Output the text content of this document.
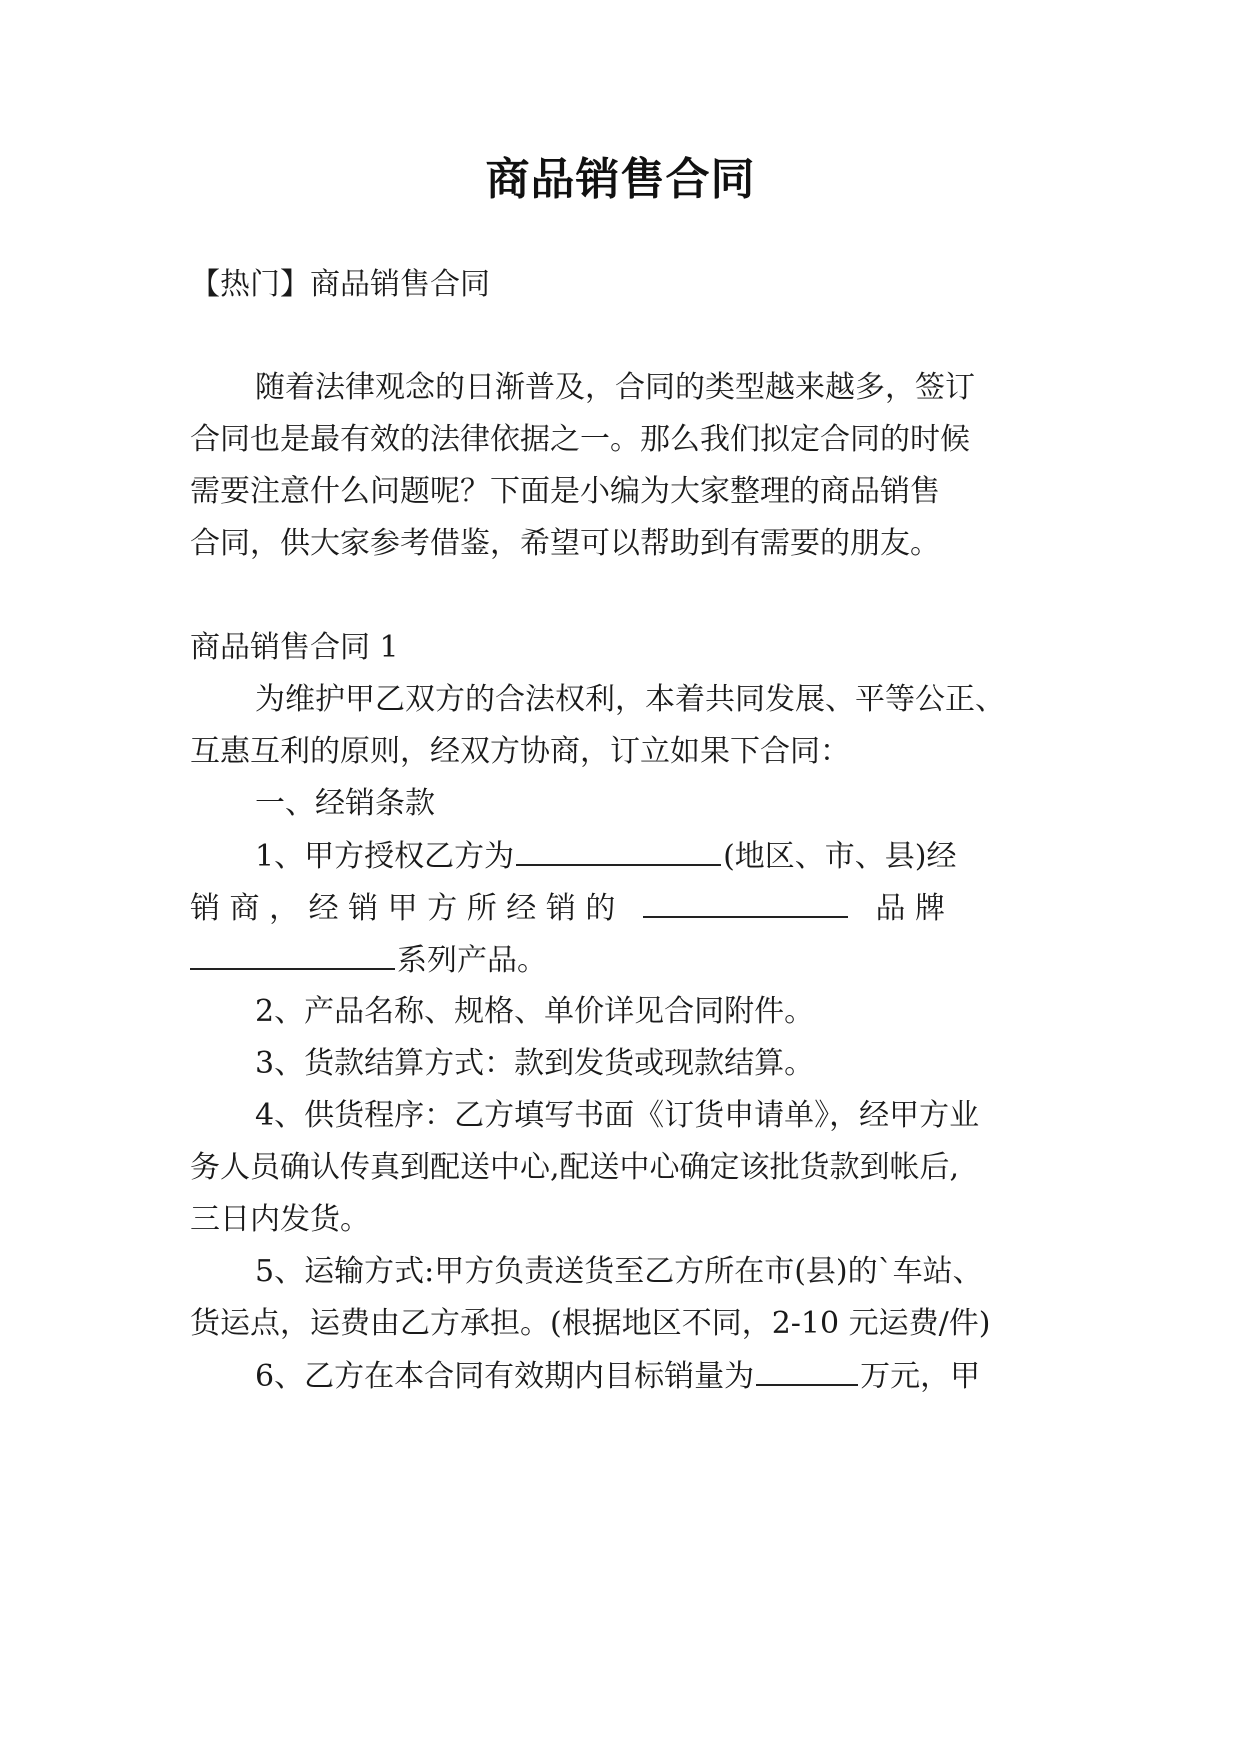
商品销售合同
【热门】商品销售合同
随着法律观念的日渐普及，合同的类型越来越多，签订
合同也是最有效的法律依据之一。那么我们拟定合同的时候
需要注意什么问题呢？下面是小编为大家整理的商品销售
合同，供大家参考借鉴，希望可以帮助到有需要的朋友。
商品销售合同 1
为维护甲乙双方的合法权利，本着共同发展、平等公正、
互惠互利的原则，经双方协商，订立如果下合同：
一、经销条款
1、甲方授权乙方为	(地区、市、县)经
销 商 ， 经 销 甲 方 所 经 销 的	品 牌
系列产品。
2、产品名称、规格、单价详见合同附件。
3、货款结算方式：款到发货或现款结算。
4、供货程序：乙方填写书面《订货申请单》，经甲方业
务人员确认传真到配送中心,配送中心确定该批货款到帐后,
三日内发货。
5、运输方式:甲方负责送货至乙方所在市(县)的`车站、
货运点，运费由乙方承担。(根据地区不同，2-10 元运费/件)
6、乙方在本合同有效期内目标销量为	万元，甲
